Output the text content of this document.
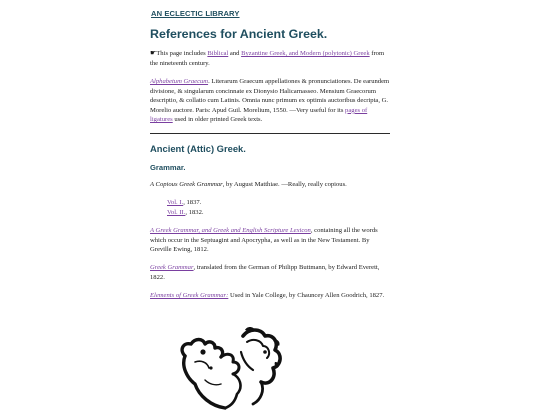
AN ECLECTIC LIBRARY
References for Ancient Greek.

☛This page includes Biblical and Byzantine Greek, and Modern (polytonic) Greek from the nineteenth century.

Alphabetum Graecum. Literarum Graecum appellationes & pronunciationes. De earundem divisione, & singularum concinnate ex Dionysio Halicarnasseo. Mensium Graecorum descriptio, & collatio cum Latinis. Omnia nunc primum ex optimis auctoribus decripta, G. Morelio auctore. Paris: Apud Guil. Morelium, 1550. —Very useful for its pages of ligatures used in older printed Greek texts.

Ancient (Attic) Greek.
Grammar.

A Copious Greek Grammar, by August Matthiae. —Really, really copious.

Vol. I., 1837.
Vol. II., 1832.

A Greek Grammar, and Greek and English Scripture Lexicon, containing all the words which occur in the Septuagint and Apocrypha, as well as in the New Testament. By Greville Ewing, 1812.

Greek Grammar, translated from the German of Philipp Buttmann, by Edward Everett, 1822.

Elements of Greek Grammar: Used in Yale College, by Chauncey Allen Goodrich, 1827.
